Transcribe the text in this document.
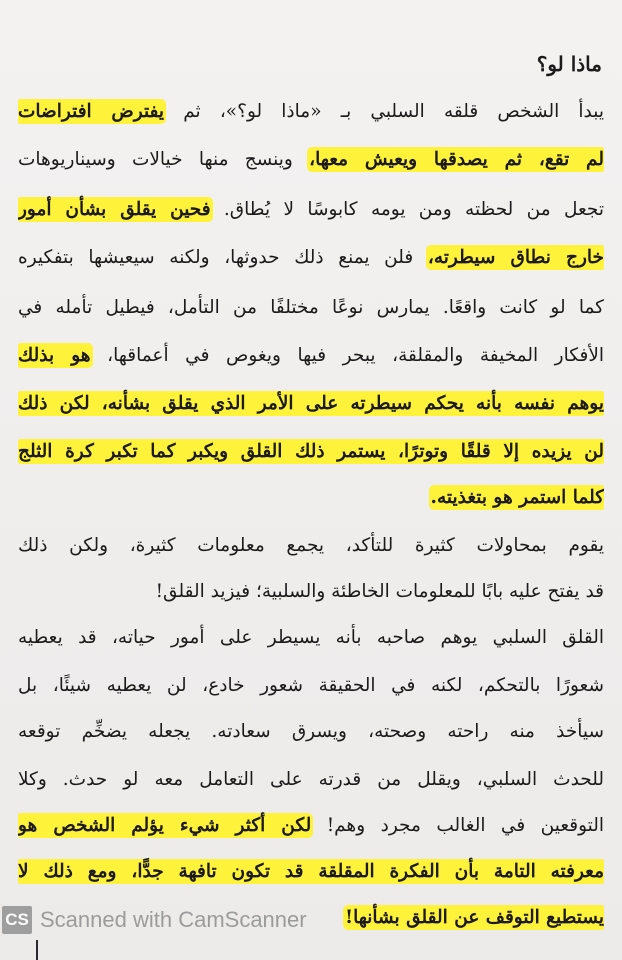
ماذا لو؟
يبدأ الشخص قلقه السلبي بـ «ماذا لو؟»، ثم يفترض افتراضات
لم تقع، ثم يصدقها ويعيش معها، وينسج منها خيالات وسيناريوهات
تجعل من لحظته ومن يومه كابوسًا لا يُطاق. فحين يقلق بشأن أمور
خارج نطاق سيطرته، فلن يمنع ذلك حدوثها، ولكنه سيعيشها بتفكيره
كما لو كانت واقعًا. يمارس نوعًا مختلفًا من التأمل، فيطيل تأمله في
الأفكار المخيفة والمقلقة، يبحر فيها ويغوص في أعماقها، هو بذلك
يوهم نفسه بأنه يحكم سيطرته على الأمر الذي يقلق بشأنه، لكن ذلك
لن يزيده إلا قلقًا وتوترًا، يستمر ذلك القلق ويكبر كما تكبر كرة الثلج
كلما استمر هو بتغذيته.
يقوم بمحاولات كثيرة للتأكد، يجمع معلومات كثيرة، ولكن ذلك
قد يفتح عليه بابًا للمعلومات الخاطئة والسلبية؛ فيزيد القلق!
القلق السلبي يوهم صاحبه بأنه يسيطر على أمور حياته، قد يعطيه
شعورًا بالتحكم، لكنه في الحقيقة شعور خادع، لن يعطيه شيئًا، بل
سيأخذ منه راحته وصحته، ويسرق سعادته. يجعله يضخِّم توقعه
للحدث السلبي، ويقلل من قدرته على التعامل معه لو حدث. وكلا
التوقعين في الغالب مجرد وهم! لكن أكثر شيء يؤلم الشخص هو
معرفته التامة بأن الفكرة المقلقة قد تكون تافهة جدًّا، ومع ذلك لا
يستطيع التوقف عن القلق بشأنها!
CS Scanned with CamScanner
